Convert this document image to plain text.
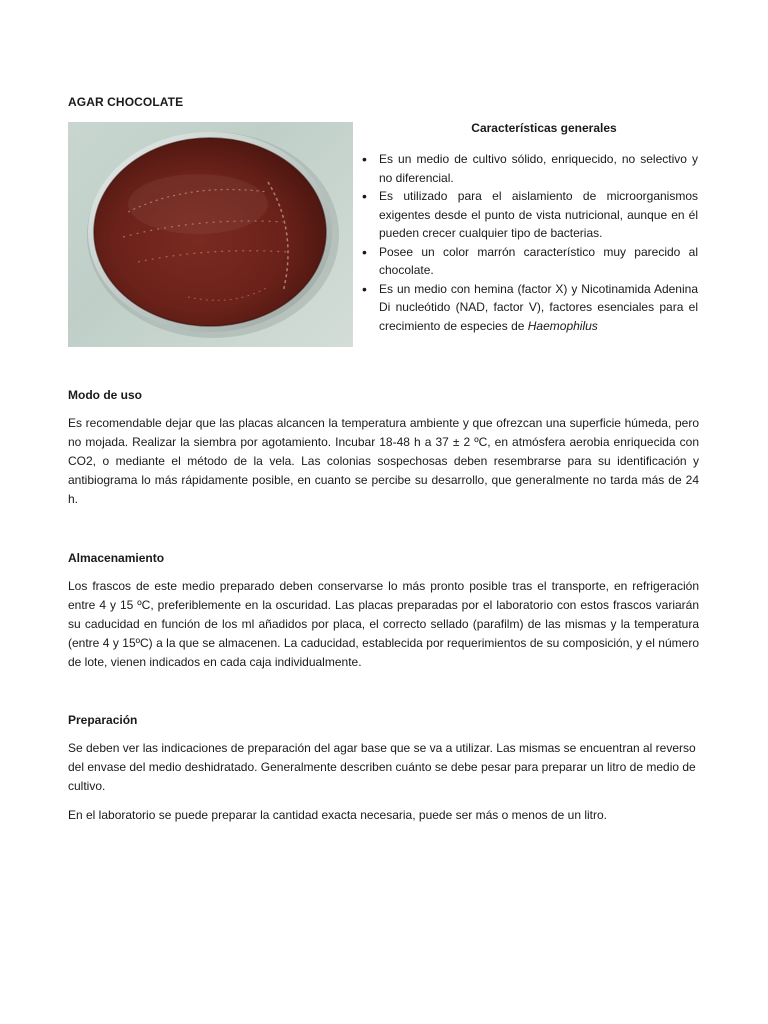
AGAR CHOCOLATE
Características generales
• Es un medio de cultivo sólido, enriquecido, no selectivo y no diferencial.
• Es utilizado para el aislamiento de microorganismos exigentes desde el punto de vista nutricional, aunque en él pueden crecer cualquier tipo de bacterias.
• Posee un color marrón característico muy parecido al chocolate.
• Es un medio con hemina (factor X) y Nicotinamida Adenina Di nucleótido (NAD, factor V), factores esenciales para el crecimiento de especies de Haemophilus
Modo de uso

Es recomendable dejar que las placas alcancen la temperatura ambiente y que ofrezcan una superficie húmeda, pero no mojada. Realizar la siembra por agotamiento. Incubar 18-48 h a 37 ± 2 ºC, en atmósfera aerobia enriquecida con CO2, o mediante el método de la vela. Las colonias sospechosas deben resembrarse para su identificación y antibiograma lo más rápidamente posible, en cuanto se percibe su desarrollo, que generalmente no tarda más de 24 h.

Almacenamiento

Los frascos de este medio preparado deben conservarse lo más pronto posible tras el transporte, en refrigeración entre 4 y 15 ºC, preferiblemente en la oscuridad. Las placas preparadas por el laboratorio con estos frascos variarán su caducidad en función de los ml añadidos por placa, el correcto sellado (parafilm) de las mismas y la temperatura (entre 4 y 15ºC) a la que se almacenen. La caducidad, establecida por requerimientos de su composición, y el número de lote, vienen indicados en cada caja individualmente.

Preparación

Se deben ver las indicaciones de preparación del agar base que se va a utilizar. Las mismas se encuentran al reverso del envase del medio deshidratado. Generalmente describen cuánto se debe pesar para preparar un litro de medio de cultivo.

En el laboratorio se puede preparar la cantidad exacta necesaria, puede ser más o menos de un litro.
